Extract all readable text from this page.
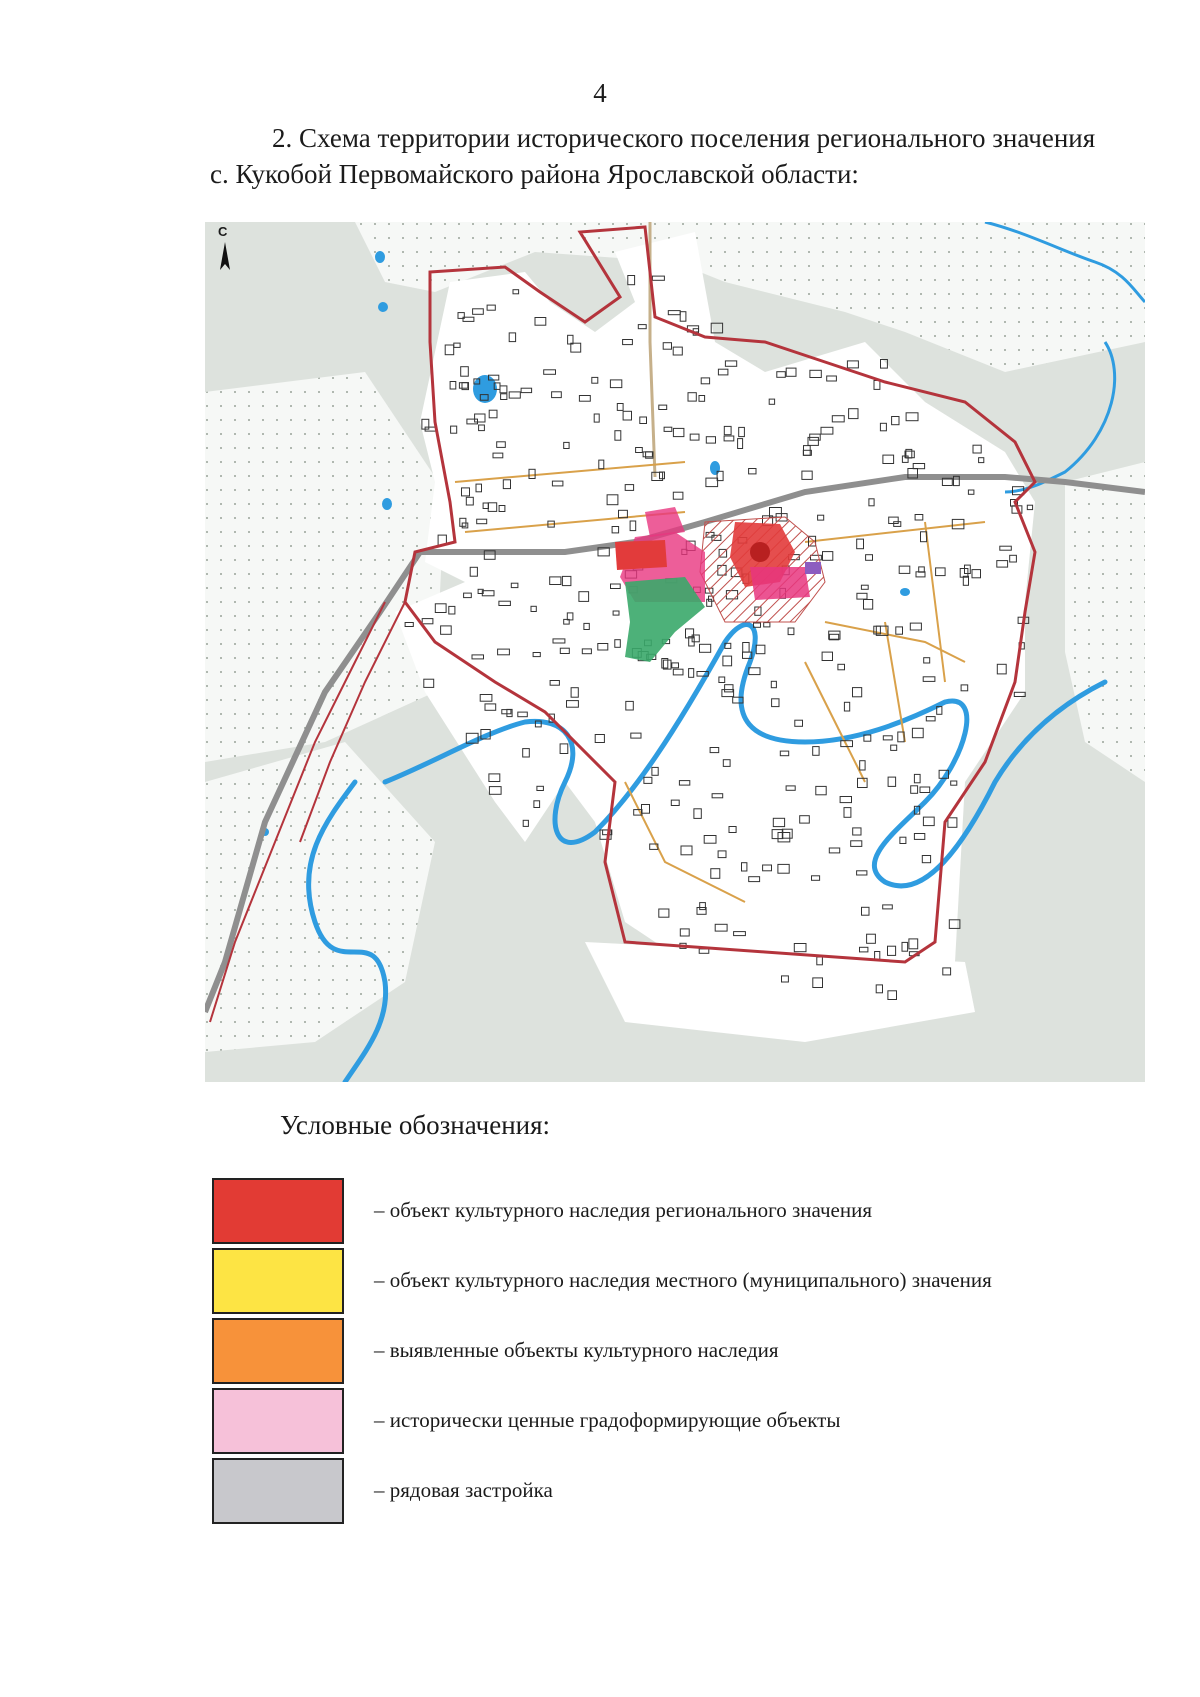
4
2. Схема территории исторического поселения регионального значения
с. Кукобой Первомайского района Ярославской области:
С
Условные обозначения:
– объект культурного наследия регионального значения
– объект культурного наследия местного (муниципального) значения
– выявленные объекты культурного наследия
– исторически ценные градоформирующие объекты
– рядовая застройка
